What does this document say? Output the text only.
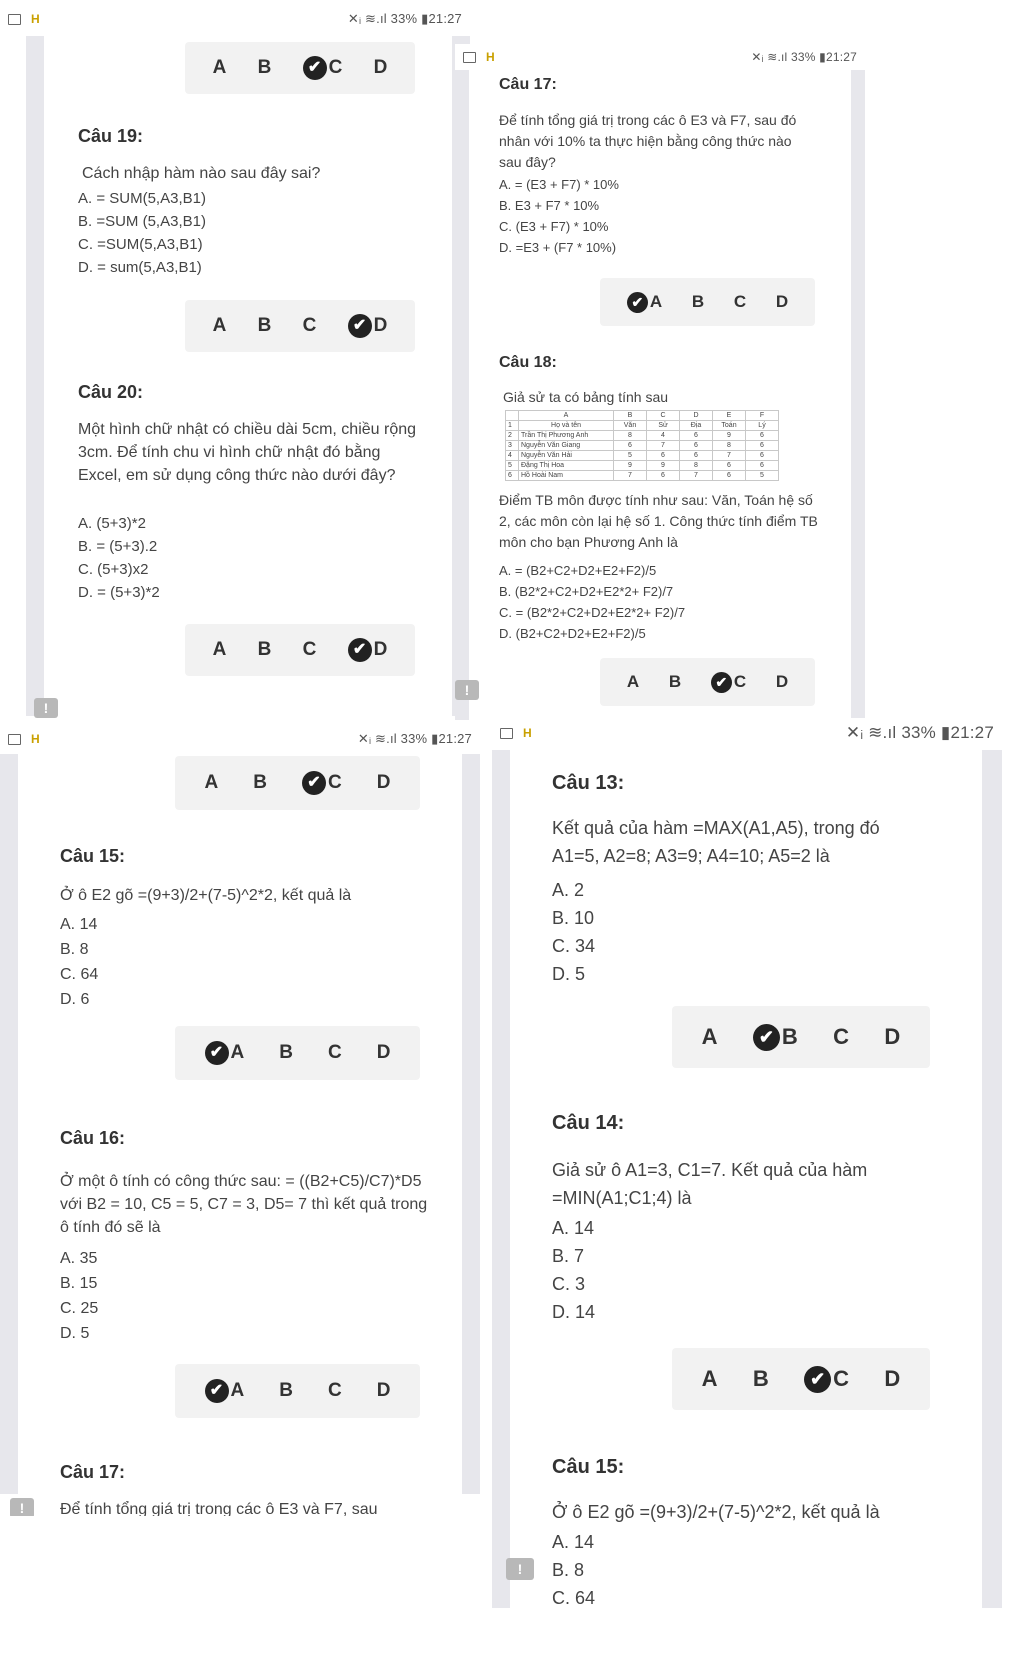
H	✕ᵢ ≋.ıl 33% ▮21:27
A B	✔ C D
Câu 19:
Cách nhập hàm nào sau đây sai?
A. = SUM(5,A3,B1)
B. =SUM (5,A3,B1)
C. =SUM(5,A3,B1)
D. = sum(5,A3,B1)
A B C	✔ D
Câu 20:
Một hình chữ nhật có chiều dài 5cm, chiều rộng 3cm. Để tính chu vi hình chữ nhật đó bằng Excel, em sử dụng công thức nào dưới đây?
A. (5+3)*2
B. = (5+3).2
C. (5+3)x2
D. = (5+3)*2
A B C	✔ D
!
H	✕ᵢ ≋.ıl 33% ▮21:27
Câu 17:
Để tính tổng giá trị trong các ô E3 và F7, sau đó nhân với 10% ta thực hiện bằng công thức nào sau đây?
A. = (E3 + F7) * 10%
B. E3 + F7 * 10%
C. (E3 + F7) * 10%
D. =E3 + (F7 * 10%)
✔ A B C D
Câu 18:
Giả sử ta có bảng tính sau
	A	B	C	D	E	F
1	Họ và tên	Văn	Sử	Địa	Toán	Lý
2	Trần Thị Phương Anh	8	4	6	9	6
3	Nguyễn Văn Giang	6	7	6	8	6
4	Nguyễn Văn Hải	5	6	6	7	6
5	Đặng Thị Hoa	9	9	8	6	6
6	Hồ Hoài Nam	7	6	7	6	5
Điểm TB môn được tính như sau: Văn, Toán hệ số 2, các môn còn lại hệ số 1. Công thức tính điểm TB môn cho bạn Phương Anh là
A. = (B2+C2+D2+E2+F2)/5
B. (B2*2+C2+D2+E2*2+ F2)/7
C. = (B2*2+C2+D2+E2*2+ F2)/7
D. (B2+C2+D2+E2+F2)/5
A B	✔ C D
!
H	✕ᵢ ≋.ıl 33% ▮21:27
A B	✔ C D
Câu 15:
Ở ô E2 gõ =(9+3)/2+(7-5)^2*2, kết quả là
A. 14
B. 8
C. 64
D. 6
✔ A B C D
Câu 16:
Ở một ô tính có công thức sau: = ((B2+C5)/C7)*D5 với B2 = 10, C5 = 5, C7 = 3, D5= 7 thì kết quả trong ô tính đó sẽ là
A. 35
B. 15
C. 25
D. 5
✔ A B C D
Câu 17:
Để tính tổng giá trị trong các ô E3 và F7, sau
!
H	✕ᵢ ≋.ıl 33% ▮21:27
Câu 13:
Kết quả của hàm =MAX(A1,A5), trong đó A1=5, A2=8; A3=9; A4=10; A5=2 là
A. 2
B. 10
C. 34
D. 5
A	✔ B C D
Câu 14:
Giả sử ô A1=3, C1=7. Kết quả của hàm =MIN(A1;C1;4) là
A. 14
B. 7
C. 3
D. 14
A B	✔ C D
Câu 15:
Ở ô E2 gõ =(9+3)/2+(7-5)^2*2, kết quả là
A. 14
B. 8
C. 64
!
